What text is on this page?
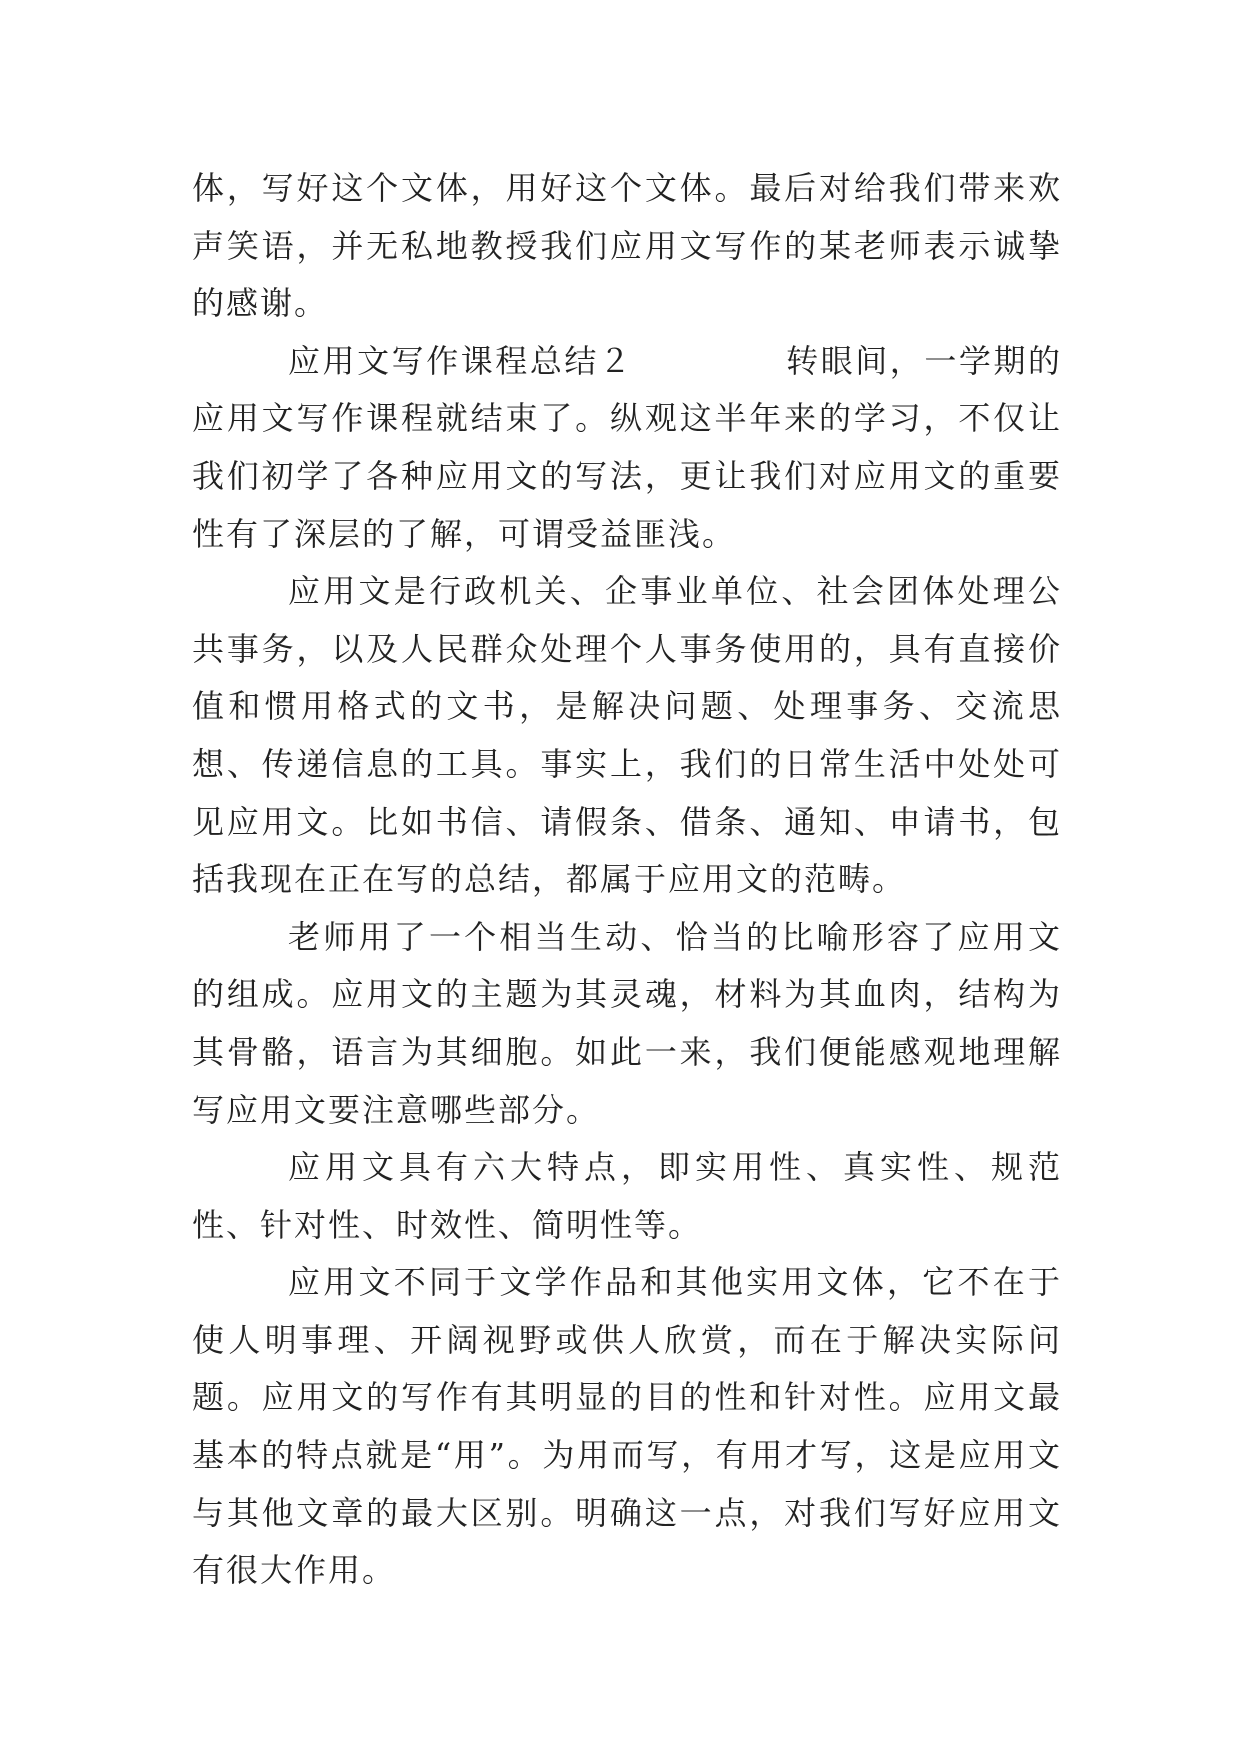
体，写好这个文体，用好这个文体。最后对给我们带来欢声笑语，并无私地教授我们应用文写作的某老师表示诚挚的感谢。

应用文写作课程总结２	转眼间，一学期的应用文写作课程就结束了。纵观这半年来的学习，不仅让我们初学了各种应用文的写法，更让我们对应用文的重要性有了深层的了解，可谓受益匪浅。

应用文是行政机关、企事业单位、社会团体处理公共事务，以及人民群众处理个人事务使用的，具有直接价值和惯用格式的文书，是解决问题、处理事务、交流思想、传递信息的工具。事实上，我们的日常生活中处处可见应用文。比如书信、请假条、借条、通知、申请书，包括我现在正在写的总结，都属于应用文的范畴。

老师用了一个相当生动、恰当的比喻形容了应用文的组成。应用文的主题为其灵魂，材料为其血肉，结构为其骨骼，语言为其细胞。如此一来，我们便能感观地理解写应用文要注意哪些部分。

应用文具有六大特点，即实用性、真实性、规范性、针对性、时效性、简明性等。

应用文不同于文学作品和其他实用文体，它不在于使人明事理、开阔视野或供人欣赏，而在于解决实际问题。应用文的写作有其明显的目的性和针对性。应用文最基本的特点就是“用”。为用而写，有用才写，这是应用文与其他文章的最大区别。明确这一点，对我们写好应用文有很大作用。
